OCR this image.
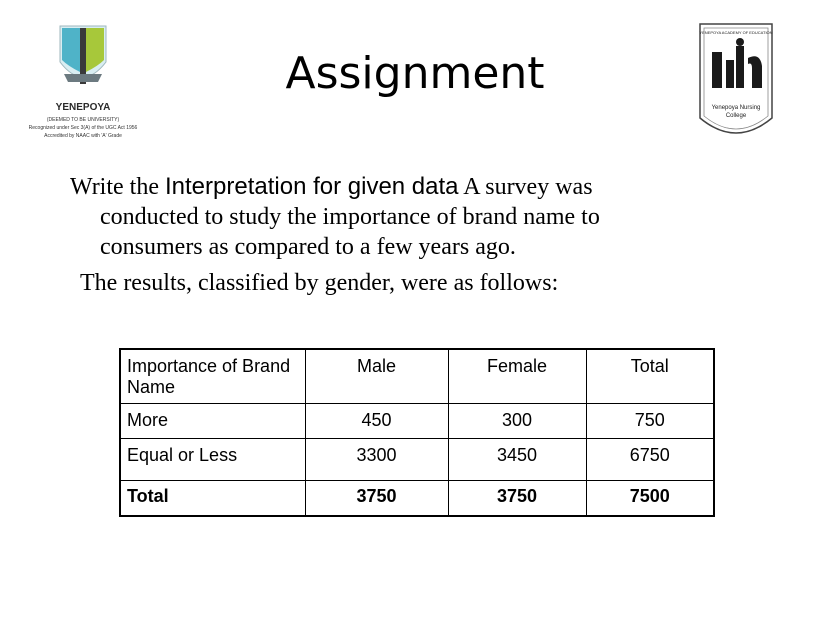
YENEPOYA
(DEEMED TO BE UNIVERSITY)
Recognized under Sec 3(A) of the UGC Act 1956
Accredited by NAAC with 'A' Grade
Assignment
YENEPOYA ACADEMY OF EDUCATION
Yenepoya Nursing College
Write the Interpretation for given data A survey was
conducted to study the importance of brand name to
consumers as compared to a few years ago.
The results, classified by gender, were as follows:
Importance of Brand Name	Male	Female	Total
More	450	300	750
Equal or Less	3300	3450	6750
Total	3750	3750	7500
